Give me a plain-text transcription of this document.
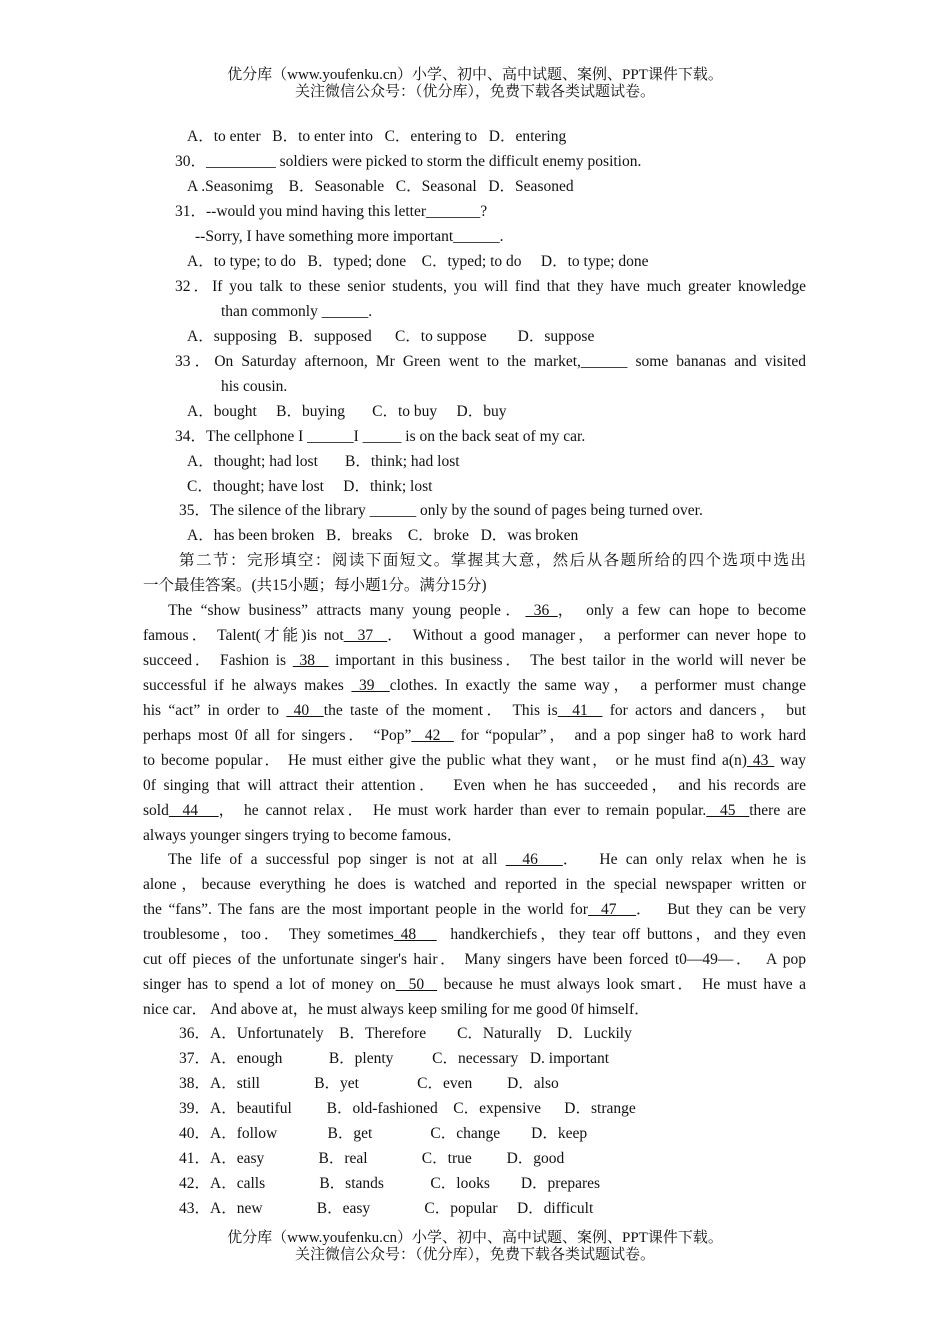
优分库（www.youfenku.cn）小学、初中、高中试题、案例、PPT课件下载。
关注微信公众号：（优分库），免费下载各类试题试卷。
A．to enter   B．to enter into   C．entering to   D．entering
30．_________ soldiers were picked to storm the difficult enemy position.
A .Seasonimg    B．Seasonable   C．Seasonal   D．Seasoned
31．--would you mind having this letter_______?
--Sorry, I have something more important______.
A．to type; to do   B．typed; done    C．typed; to do     D．to type; done
32．If you talk to these senior students, you will find that they have much greater knowledge
than commonly ______.
A．supposing   B．supposed      C．to suppose        D．suppose
33．On Saturday afternoon, Mr Green went to the market,______ some bananas and visited
his cousin.
A．bought     B．buying       C．to buy     D．buy
34．The cellphone I ______I _____ is on the back seat of my car.
A．thought; had lost       B．think; had lost
C．thought; have lost     D．think; lost
35．The silence of the library ______ only by the sound of pages being turned over.
A．has been broken   B．breaks    C．broke   D．was broken
第二节：完形填空：阅读下面短文。掌握其大意，然后从各题所给的四个选项中选出
一个最佳答案。(共15小题；每小题1分。满分15分)
The “show business” attracts many young people． 36 ， only a few can hope to become
famous． Talent(才能)is not  37  ． Without a good manager， a performer can never hope to
succeed． Fashion is  38   important in this business． The best tailor in the world will never be
successful if he always makes  39  clothes. In exactly the same way， a performer must change
his “act” in order to  40  the taste of the moment． This is  41   for actors and dancers， but
perhaps most 0f all for singers． “Pop”  42   for “popular”， and a pop singer ha8 to work hard
to become popular． He must either give the public what they want， or he must find a(n) 43  way
0f singing that will attract their attention．  Even when he has succeeded， and his records are
sold  44   ， he cannot relax． He must work harder than ever to remain popular.  45  there are
always younger singers trying to become famous．
The life of a successful pop singer is not at all   46   ．  He can only relax when he is
alone，because everything he does is watched and reported in the special newspaper written or
the “fans”. The fans are the most important people in the world for  47   ．  But they can be very
troublesome，too． They sometimes 48     handkerchiefs，they tear off buttons，and they even
cut off pieces of the unfortunate singer's hair． Many singers have been forced t0—49—．  A pop
singer has to spend a lot of money on  50   because he must always look smart． He must have a
nice car． And above at，he must always keep smiling for me good 0f himself．
36．A．Unfortunately    B．Therefore        C．Naturally    D．Luckily
37．A．enough            B．plenty          C．necessary   D. important
38．A．still              B．yet               C．even         D．also
39．A．beautiful         B．old-fashioned    C．expensive      D．strange
40．A．follow             B．get               C．change        D．keep
41．A．easy              B．real              C．true         D．good
42．A．calls              B．stands            C．looks        D．prepares
43．A．new              B．easy              C．popular     D．difficult
优分库（www.youfenku.cn）小学、初中、高中试题、案例、PPT课件下载。
关注微信公众号：（优分库），免费下载各类试题试卷。
